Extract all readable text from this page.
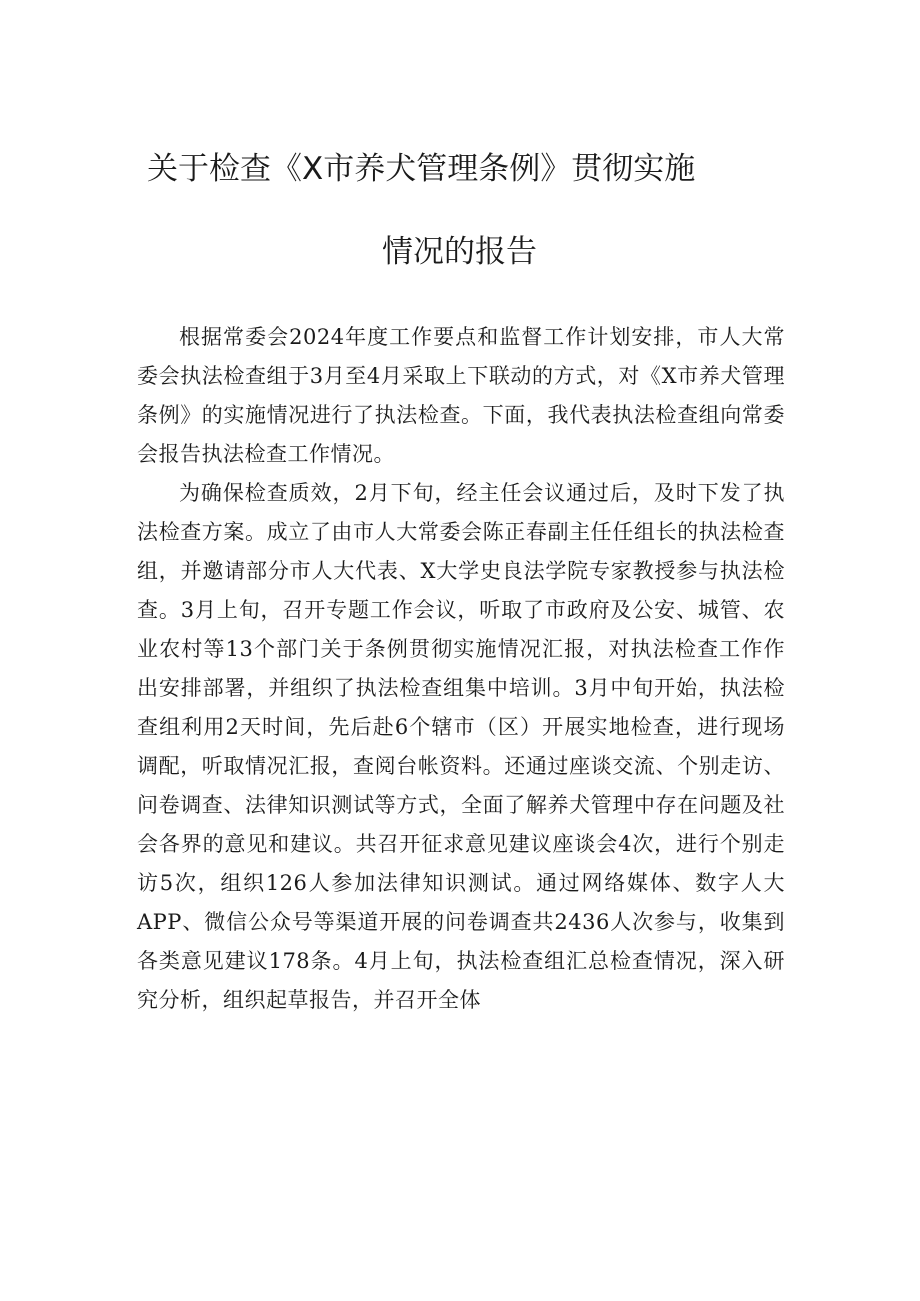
关于检查《X市养犬管理条例》贯彻实施
情况的报告

根据常委会2024年度工作要点和监督工作计划安排，市人大常委会执法检查组于3月至4月采取上下联动的方式，对《X市养犬管理条例》的实施情况进行了执法检查。下面，我代表执法检查组向常委会报告执法检查工作情况。

为确保检查质效，2月下旬，经主任会议通过后，及时下发了执法检查方案。成立了由市人大常委会陈正春副主任任组长的执法检查组，并邀请部分市人大代表、X大学史良法学院专家教授参与执法检查。3月上旬，召开专题工作会议，听取了市政府及公安、城管、农业农村等13个部门关于条例贯彻实施情况汇报，对执法检查工作作出安排部署，并组织了执法检查组集中培训。3月中旬开始，执法检查组利用2天时间，先后赴6个辖市（区）开展实地检查，进行现场调配，听取情况汇报，查阅台帐资料。还通过座谈交流、个别走访、问卷调查、法律知识测试等方式，全面了解养犬管理中存在问题及社会各界的意见和建议。共召开征求意见建议座谈会4次，进行个别走访5次，组织126人参加法律知识测试。通过网络媒体、数字人大APP、微信公众号等渠道开展的问卷调查共2436人次参与，收集到各类意见建议178条。4月上旬，执法检查组汇总检查情况，深入研究分析，组织起草报告，并召开全体
